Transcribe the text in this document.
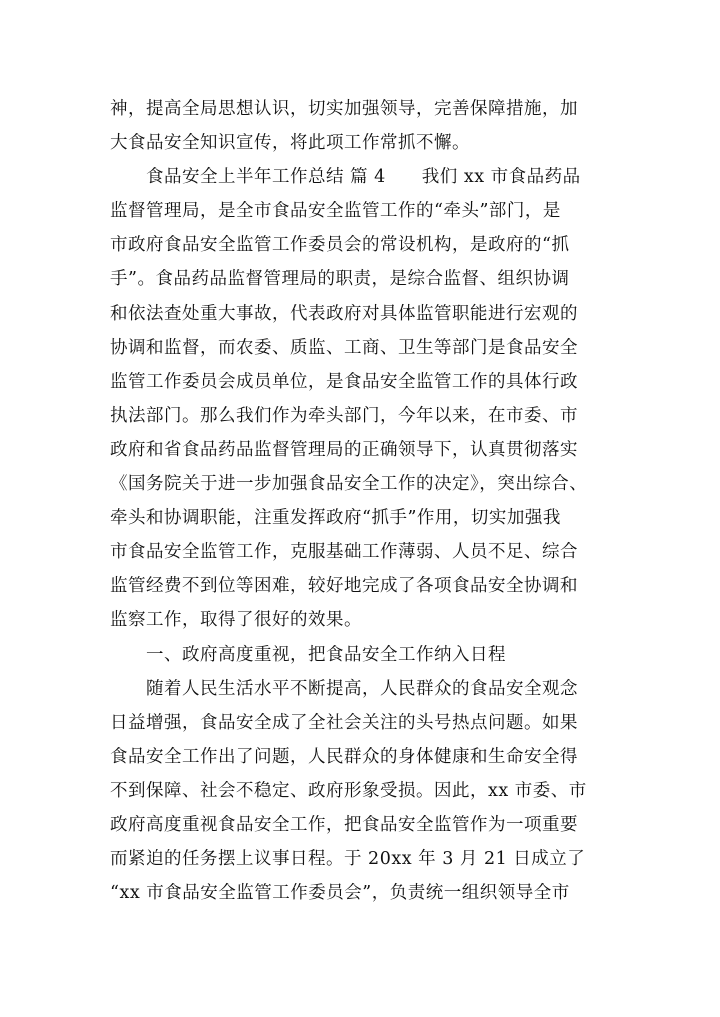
神，提高全局思想认识，切实加强领导，完善保障措施，加
大食品安全知识宣传，将此项工作常抓不懈。
　　食品安全上半年工作总结 篇 4　　我们 xx 市食品药品
监督管理局，是全市食品安全监管工作的“牵头”部门，是
市政府食品安全监管工作委员会的常设机构，是政府的“抓
手”。食品药品监督管理局的职责，是综合监督、组织协调
和依法查处重大事故，代表政府对具体监管职能进行宏观的
协调和监督，而农委、质监、工商、卫生等部门是食品安全
监管工作委员会成员单位，是食品安全监管工作的具体行政
执法部门。那么我们作为牵头部门，今年以来，在市委、市
政府和省食品药品监督管理局的正确领导下，认真贯彻落实
《国务院关于进一步加强食品安全工作的决定》，突出综合、
牵头和协调职能，注重发挥政府“抓手”作用，切实加强我
市食品安全监管工作，克服基础工作薄弱、人员不足、综合
监管经费不到位等困难，较好地完成了各项食品安全协调和
监察工作，取得了很好的效果。
　　一、政府高度重视，把食品安全工作纳入日程
　　随着人民生活水平不断提高，人民群众的食品安全观念
日益增强，食品安全成了全社会关注的头号热点问题。如果
食品安全工作出了问题，人民群众的身体健康和生命安全得
不到保障、社会不稳定、政府形象受损。因此，xx 市委、市
政府高度重视食品安全工作，把食品安全监管作为一项重要
而紧迫的任务摆上议事日程。于 20xx 年 3 月 21 日成立了
“xx 市食品安全监管工作委员会”，负责统一组织领导全市
